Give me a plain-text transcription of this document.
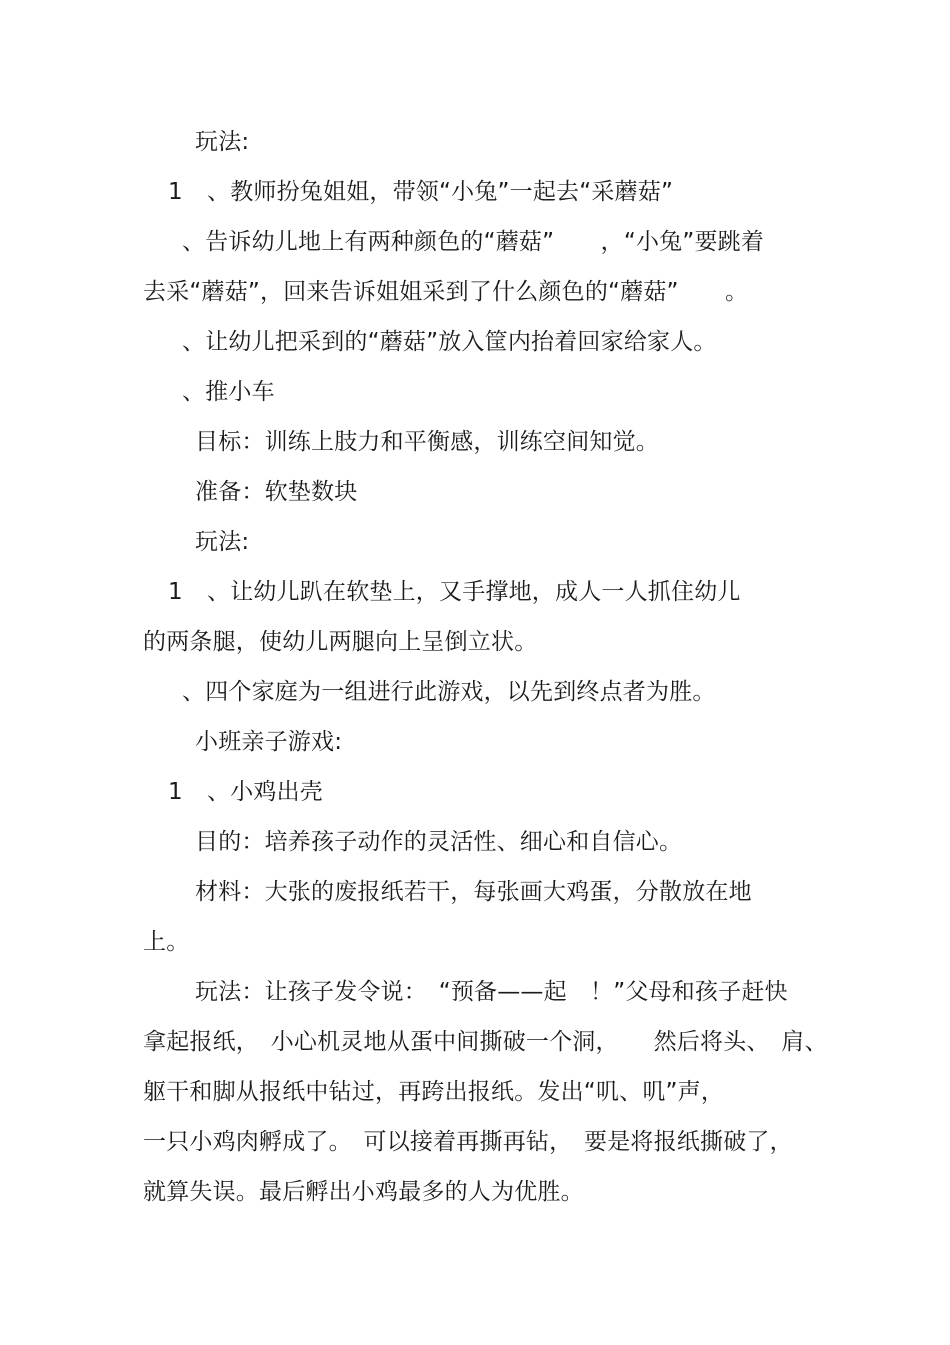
玩法:
1 、教师扮兔姐姐，带领“小兔”一起去“采蘑菇”
、告诉幼儿地上有两种颜色的“蘑菇”　　，“小兔”要跳着
去采“蘑菇”，回来告诉姐姐采到了什么颜色的“蘑菇”　　。
、让幼儿把采到的“蘑菇”放入筐内抬着回家给家人。
、推小车
目标：训练上肢力和平衡感，训练空间知觉。
准备：软垫数块
玩法:
1 、让幼儿趴在软垫上，又手撑地，成人一人抓住幼儿
的两条腿，使幼儿两腿向上呈倒立状。
、四个家庭为一组进行此游戏，以先到终点者为胜。
小班亲子游戏:
1 、小鸡出壳
目的：培养孩子动作的灵活性、细心和自信心。
材料：大张的废报纸若干，每张画大鸡蛋，分散放在地
上。
玩法：让孩子发令说：　“预备——起　！”父母和孩子赶快
拿起报纸，　小心机灵地从蛋中间撕破一个洞，　　然后将头、　肩、
躯干和脚从报纸中钻过，再跨出报纸。发出“叽、叽”声，
一只小鸡肉孵成了。　可以接着再撕再钻，　要是将报纸撕破了，
就算失误。最后孵出小鸡最多的人为优胜。
